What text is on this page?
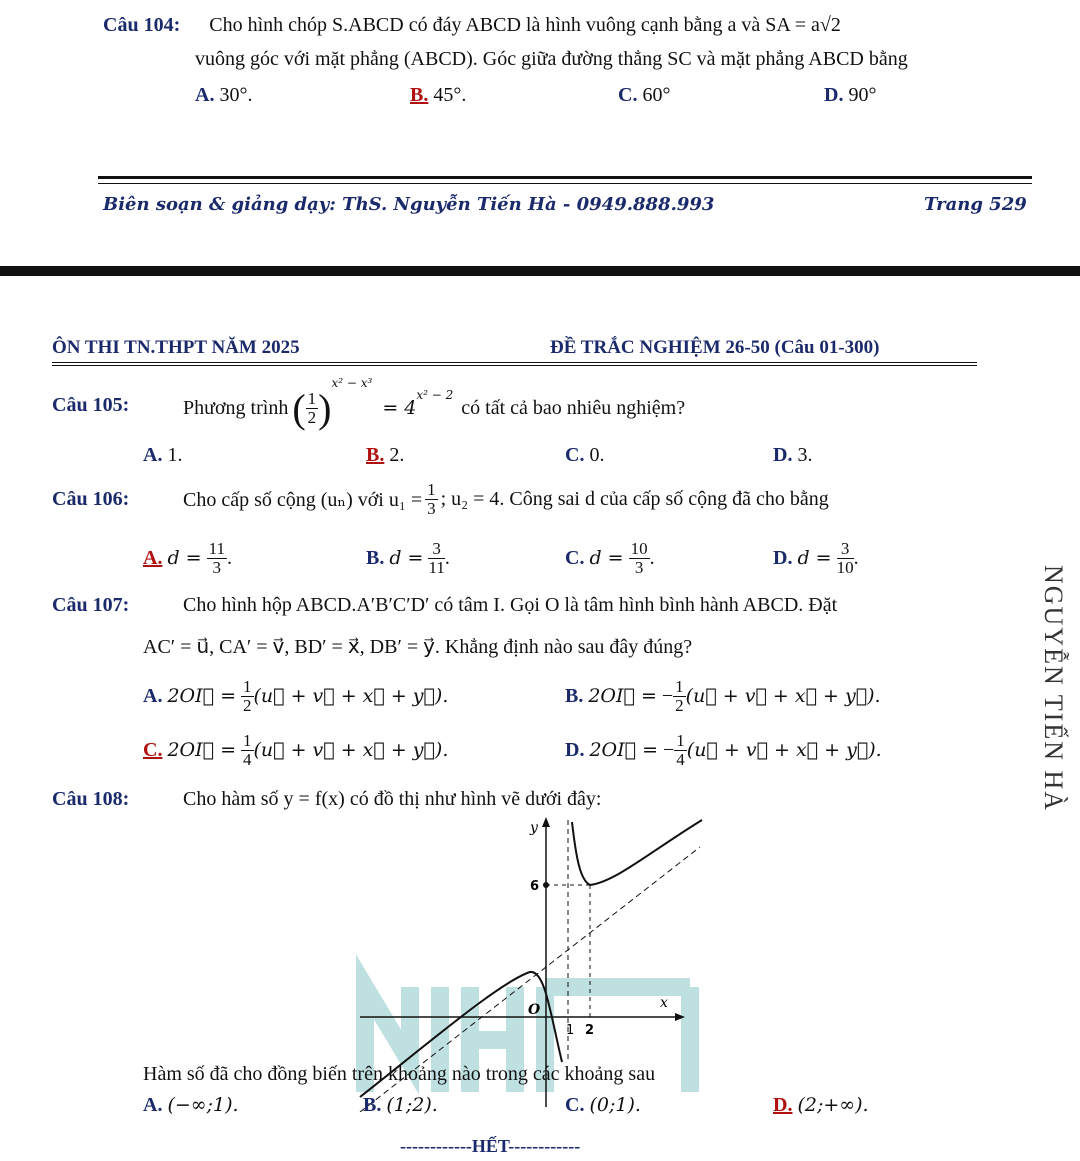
Câu 104: Cho hình chóp S.ABCD có đáy ABCD là hình vuông cạnh bằng a và SA = a√2
vuông góc với mặt phẳng (ABCD). Góc giữa đường thẳng SC và mặt phẳng ABCD bằng
A. 30°.	B. 45°.	C. 60°	D. 90°
Biên soạn & giảng dạy: ThS. Nguyễn Tiến Hà - 0949.888.993	Trang 529
ÔN THI TN.THPT NĂM 2025	ĐỀ TRẮC NGHIỆM 26-50 (Câu 01-300)
Câu 105:	Phương trình ( $\frac{1}{2}$ )
x² − x³
= 4
x² − 2
có tất cả bao nhiêu nghiệm?
A. 1.	B. 2.	C. 0.	D. 3.
Câu 106:	Cho cấp số cộng (uₙ) với $u_1 = \frac{1}{3}$ ; u₂ = 4. Công sai d của cấp số cộng đã cho bằng
A.
d =
$\frac{11}{3}$ .	B.
d =
$\frac{3}{11}$ .	C.
d =
$\frac{10}{3}$ .	D.
d =
$\frac{3}{10}$ .
Câu 107:	Cho hình hộp ABCD.A′B′C′D′ có tâm I. Gọi O là tâm hình bình hành ABCD. Đặt
AC′ = u⃗, CA′ = v⃗, BD′ = x⃗, DB′ = y⃗. Khẳng định nào sau đây đúng?
A.
2OI⃗ =
$\frac{1}{2}$ (u⃗ + v⃗ + x⃗ + y⃗).	B.
2OI⃗ =
− $\frac{1}{2}$ (u⃗ + v⃗ + x⃗ + y⃗).
C.
2OI⃗ =
$\frac{1}{4}$ (u⃗ + v⃗ + x⃗ + y⃗).	D.
2OI⃗ =
− $\frac{1}{4}$ (u⃗ + v⃗ + x⃗ + y⃗).	NGUYỄN TIẾN HÀ
Câu 108:	Cho hàm số y = f(x) có đồ thị như hình vẽ dưới đây:
y
x
O
6
1 2
Hàm số đã cho đồng biến trên khoảng nào trong các khoảng sau
A. (−∞;1).	B. (1;2).	C. (0;1).	D. (2;+∞).
------------HẾT------------
